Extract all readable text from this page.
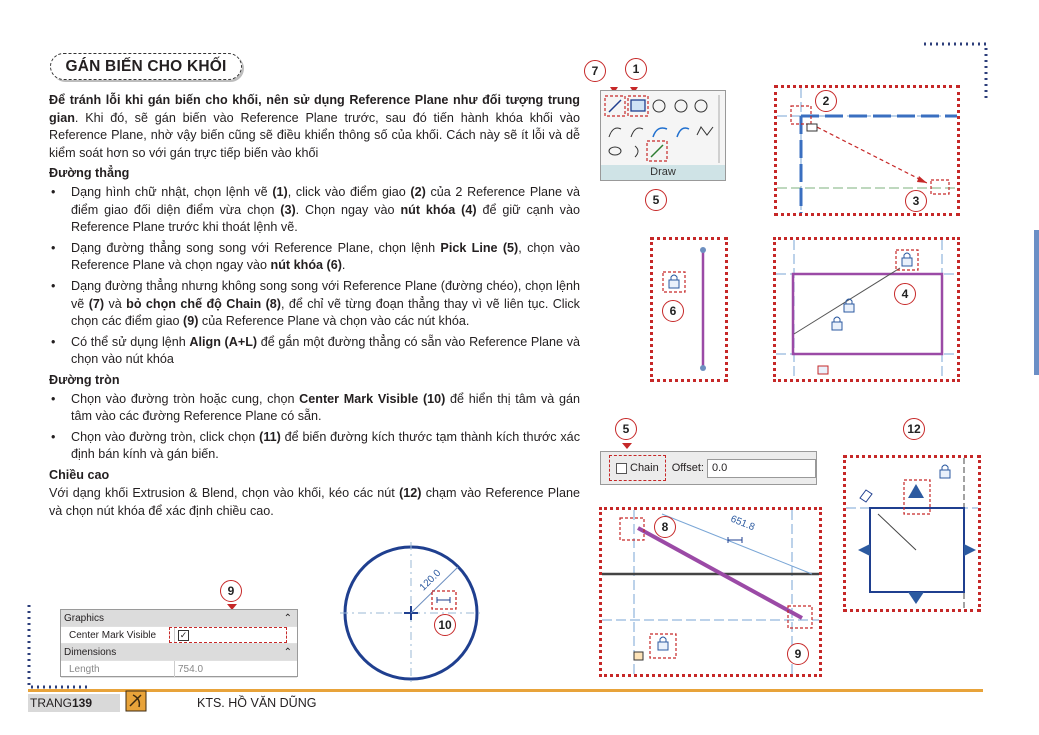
GÁN BIẾN CHO KHỐI

Để tránh lỗi khi gán biến cho khối, nên sử dụng Reference Plane như đối tượng trung gian. Khi đó, sẽ gán biến vào Reference Plane trước, sau đó tiến hành khóa khối vào Reference Plane, nhờ vậy biến cũng sẽ điều khiển thông số của khối. Cách này sẽ ít lỗi và dễ kiểm soát hơn so với gán trực tiếp biến vào khối

Đường thẳng
• Dạng hình chữ nhật, chọn lệnh vẽ (1), click vào điểm giao (2) của 2 Reference Plane và điểm giao đối diện điểm vừa chọn (3). Chọn ngay vào nút khóa (4) để giữ cạnh vào Reference Plane trước khi thoát lệnh vẽ.
• Dạng đường thẳng song song với Reference Plane, chọn lệnh Pick Line (5), chọn vào Reference Plane và chọn ngay vào nút khóa (6).
• Dạng đường thẳng nhưng không song song với Reference Plane (đường chéo), chọn lệnh vẽ (7) và bỏ chọn chế độ Chain (8), để chỉ vẽ từng đoạn thẳng thay vì vẽ liên tục. Click chọn các điểm giao (9) của Reference Plane và chọn vào các nút khóa.
• Có thể sử dụng lệnh Align (A+L) để gắn một đường thẳng có sẵn vào Reference Plane và chọn vào nút khóa
Đường tròn
• Chọn vào đường tròn hoặc cung, chọn Center Mark Visible (10) để hiển thị tâm và gán tâm vào các đường Reference Plane có sẵn.
• Chọn vào đường tròn, click chọn (11) để biến đường kích thước tạm thành kích thước xác định bán kính và gán biến.
Chiều cao

Với dạng khối Extrusion & Blend, chọn vào khối, kéo các nút (12) chạm vào Reference Plane và chọn nút khóa để xác định chiều cao.

9
Graphics	⌃
Center Mark Visible	✓
Dimensions	⌃
Length	754.0
120.0
10
7	1
Draw
5
2
3
6
4
5
Chain Offset: 0.0
651.8
8
9
12
TRANG 139	KTS. HỒ VĂN DŨNG
